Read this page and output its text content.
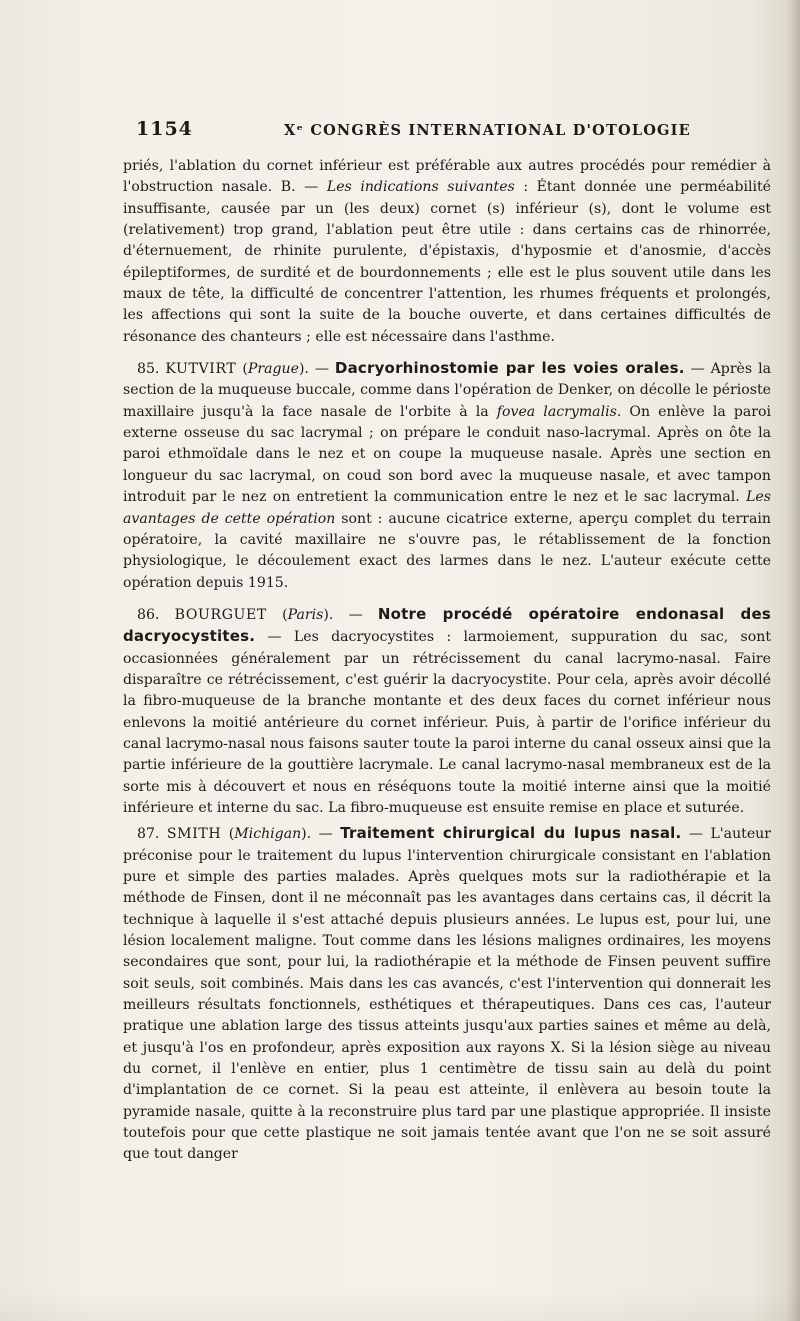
1154	Xᵉ CONGRÈS INTERNATIONAL D'OTOLOGIE

priés, l'ablation du cornet inférieur est préférable aux autres procédés pour remédier à l'obstruction nasale. B. — Les indications suivantes : Étant donnée une perméabilité insuffisante, causée par un (les deux) cornet (s) inférieur (s), dont le volume est (relativement) trop grand, l'ablation peut être utile : dans certains cas de rhinorrée, d'éternuement, de rhinite purulente, d'épistaxis, d'hyposmie et d'anosmie, d'accès épileptiformes, de surdité et de bourdonnements ; elle est le plus souvent utile dans les maux de tête, la difficulté de concentrer l'attention, les rhumes fréquents et prolongés, les affections qui sont la suite de la bouche ouverte, et dans certaines difficultés de résonance des chanteurs ; elle est nécessaire dans l'asthme.

85. KUTVIRT (Prague). — Dacryorhinostomie par les voies orales. — Après la section de la muqueuse buccale, comme dans l'opération de Denker, on décolle le périoste maxillaire jusqu'à la face nasale de l'orbite à la fovea lacrymalis. On enlève la paroi externe osseuse du sac lacrymal ; on prépare le conduit naso-lacrymal. Après on ôte la paroi ethmoïdale dans le nez et on coupe la muqueuse nasale. Après une section en longueur du sac lacrymal, on coud son bord avec la muqueuse nasale, et avec tampon introduit par le nez on entretient la communication entre le nez et le sac lacrymal. Les avantages de cette opération sont : aucune cicatrice externe, aperçu complet du terrain opératoire, la cavité maxillaire ne s'ouvre pas, le rétablissement de la fonction physiologique, le découlement exact des larmes dans le nez. L'auteur exécute cette opération depuis 1915.

86. BOURGUET (Paris). — Notre procédé opératoire endonasal des dacryocystites. — Les dacryocystites : larmoiement, suppuration du sac, sont occasionnées généralement par un rétrécissement du canal lacrymo-nasal. Faire disparaître ce rétrécissement, c'est guérir la dacryocystite. Pour cela, après avoir décollé la fibro-muqueuse de la branche montante et des deux faces du cornet inférieur nous enlevons la moitié antérieure du cornet inférieur. Puis, à partir de l'orifice inférieur du canal lacrymo-nasal nous faisons sauter toute la paroi interne du canal osseux ainsi que la partie inférieure de la gouttière lacrymale. Le canal lacrymo-nasal membraneux est de la sorte mis à découvert et nous en réséquons toute la moitié interne ainsi que la moitié inférieure et interne du sac. La fibro-muqueuse est ensuite remise en place et suturée.

87. SMITH (Michigan). — Traitement chirurgical du lupus nasal. — L'auteur préconise pour le traitement du lupus l'intervention chirurgicale consistant en l'ablation pure et simple des parties malades. Après quelques mots sur la radiothérapie et la méthode de Finsen, dont il ne méconnaît pas les avantages dans certains cas, il décrit la technique à laquelle il s'est attaché depuis plusieurs années. Le lupus est, pour lui, une lésion localement maligne. Tout comme dans les lésions malignes ordinaires, les moyens secondaires que sont, pour lui, la radiothérapie et la méthode de Finsen peuvent suffire soit seuls, soit combinés. Mais dans les cas avancés, c'est l'intervention qui donnerait les meilleurs résultats fonctionnels, esthétiques et thérapeutiques. Dans ces cas, l'auteur pratique une ablation large des tissus atteints jusqu'aux parties saines et même au delà, et jusqu'à l'os en profondeur, après exposition aux rayons X. Si la lésion siège au niveau du cornet, il l'enlève en entier, plus 1 centimètre de tissu sain au delà du point d'implantation de ce cornet. Si la peau est atteinte, il enlèvera au besoin toute la pyramide nasale, quitte à la reconstruire plus tard par une plastique appropriée. Il insiste toutefois pour que cette plastique ne soit jamais tentée avant que l'on ne se soit assuré que tout danger
